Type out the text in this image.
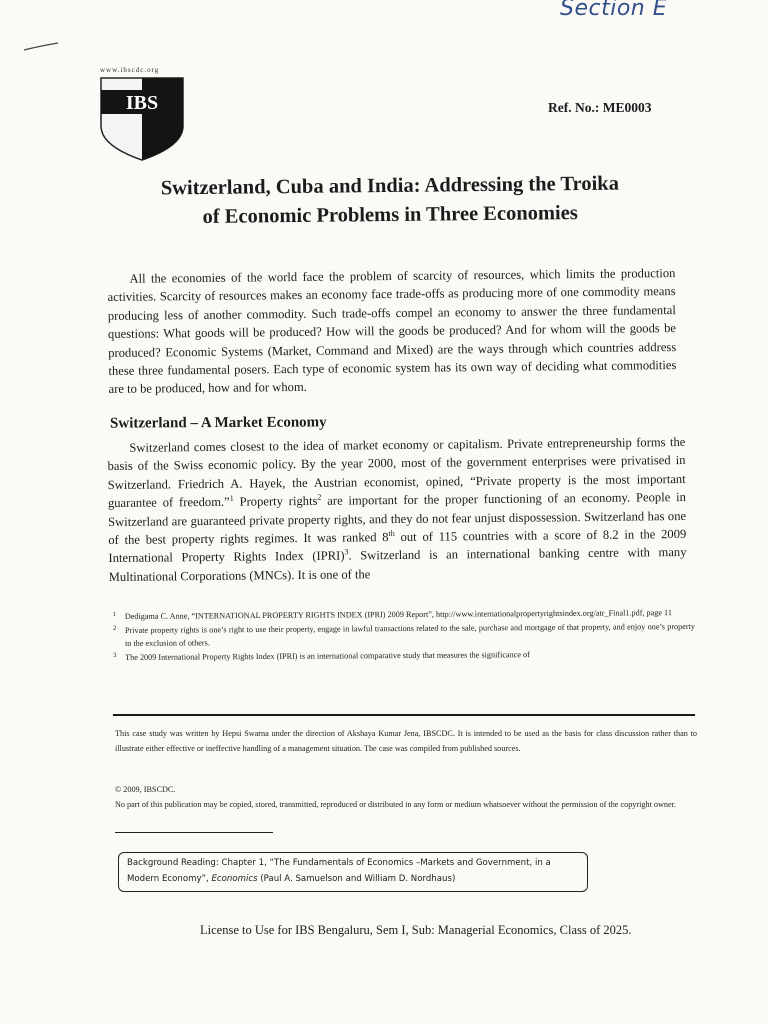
Section E
www.ibscdc.org
IBS	Ref. No.: ME0003
Switzerland, Cuba and India: Addressing the Troika
of Economic Problems in Three Economies
All the economies of the world face the problem of scarcity of resources, which limits the production activities. Scarcity of resources makes an economy face trade-offs as producing more of one commodity means producing less of another commodity. Such trade-offs compel an economy to answer the three fundamental questions: What goods will be produced? How will the goods be produced? And for whom will the goods be produced? Economic Systems (Market, Command and Mixed) are the ways through which countries address these three fundamental posers. Each type of economic system has its own way of deciding what commodities are to be produced, how and for whom.
Switzerland – A Market Economy
Switzerland comes closest to the idea of market economy or capitalism. Private entrepreneurship forms the basis of the Swiss economic policy. By the year 2000, most of the government enterprises were privatised in Switzerland. Friedrich A. Hayek, the Austrian economist, opined, “Private property is the most important guarantee of freedom.”$^1$ Property rights$^2$ are important for the proper functioning of an economy. People in Switzerland are guaranteed private property rights, and they do not fear unjust dispossession. Switzerland has one of the best property rights regimes. It was ranked 8th out of 115 countries with a score of 8.2 in the 2009 International Property Rights Index (IPRI)$^3$. Switzerland is an international banking centre with many Multinational Corporations (MNCs). It is one of the
1 Dedigama C. Anne, “INTERNATIONAL PROPERTY RIGHTS INDEX (IPRI) 2009 Report”, http://www.internationalpropertyrightsindex.org/atr_Final1.pdf, page 11
2 Private property rights is one’s right to use their property, engage in lawful transactions related to the sale, purchase and mortgage of that property, and enjoy one’s property to the exclusion of others.
3 The 2009 International Property Rights Index (IPRI) is an international comparative study that measures the significance of
This case study was written by Hepsi Swarna under the direction of Akshaya Kumar Jena, IBSCDC. It is intended to be used as the basis for class discussion rather than to illustrate either effective or ineffective handling of a management situation. The case was compiled from published sources.
© 2009, IBSCDC.
No part of this publication may be copied, stored, transmitted, reproduced or distributed in any form or medium whatsoever without the permission of the copyright owner.
Background Reading: Chapter 1, “The Fundamentals of Economics –Markets and Government, in a Modern Economy”, Economics (Paul A. Samuelson and William D. Nordhaus)
License to Use for IBS Bengaluru, Sem I, Sub: Managerial Economics, Class of 2025.
